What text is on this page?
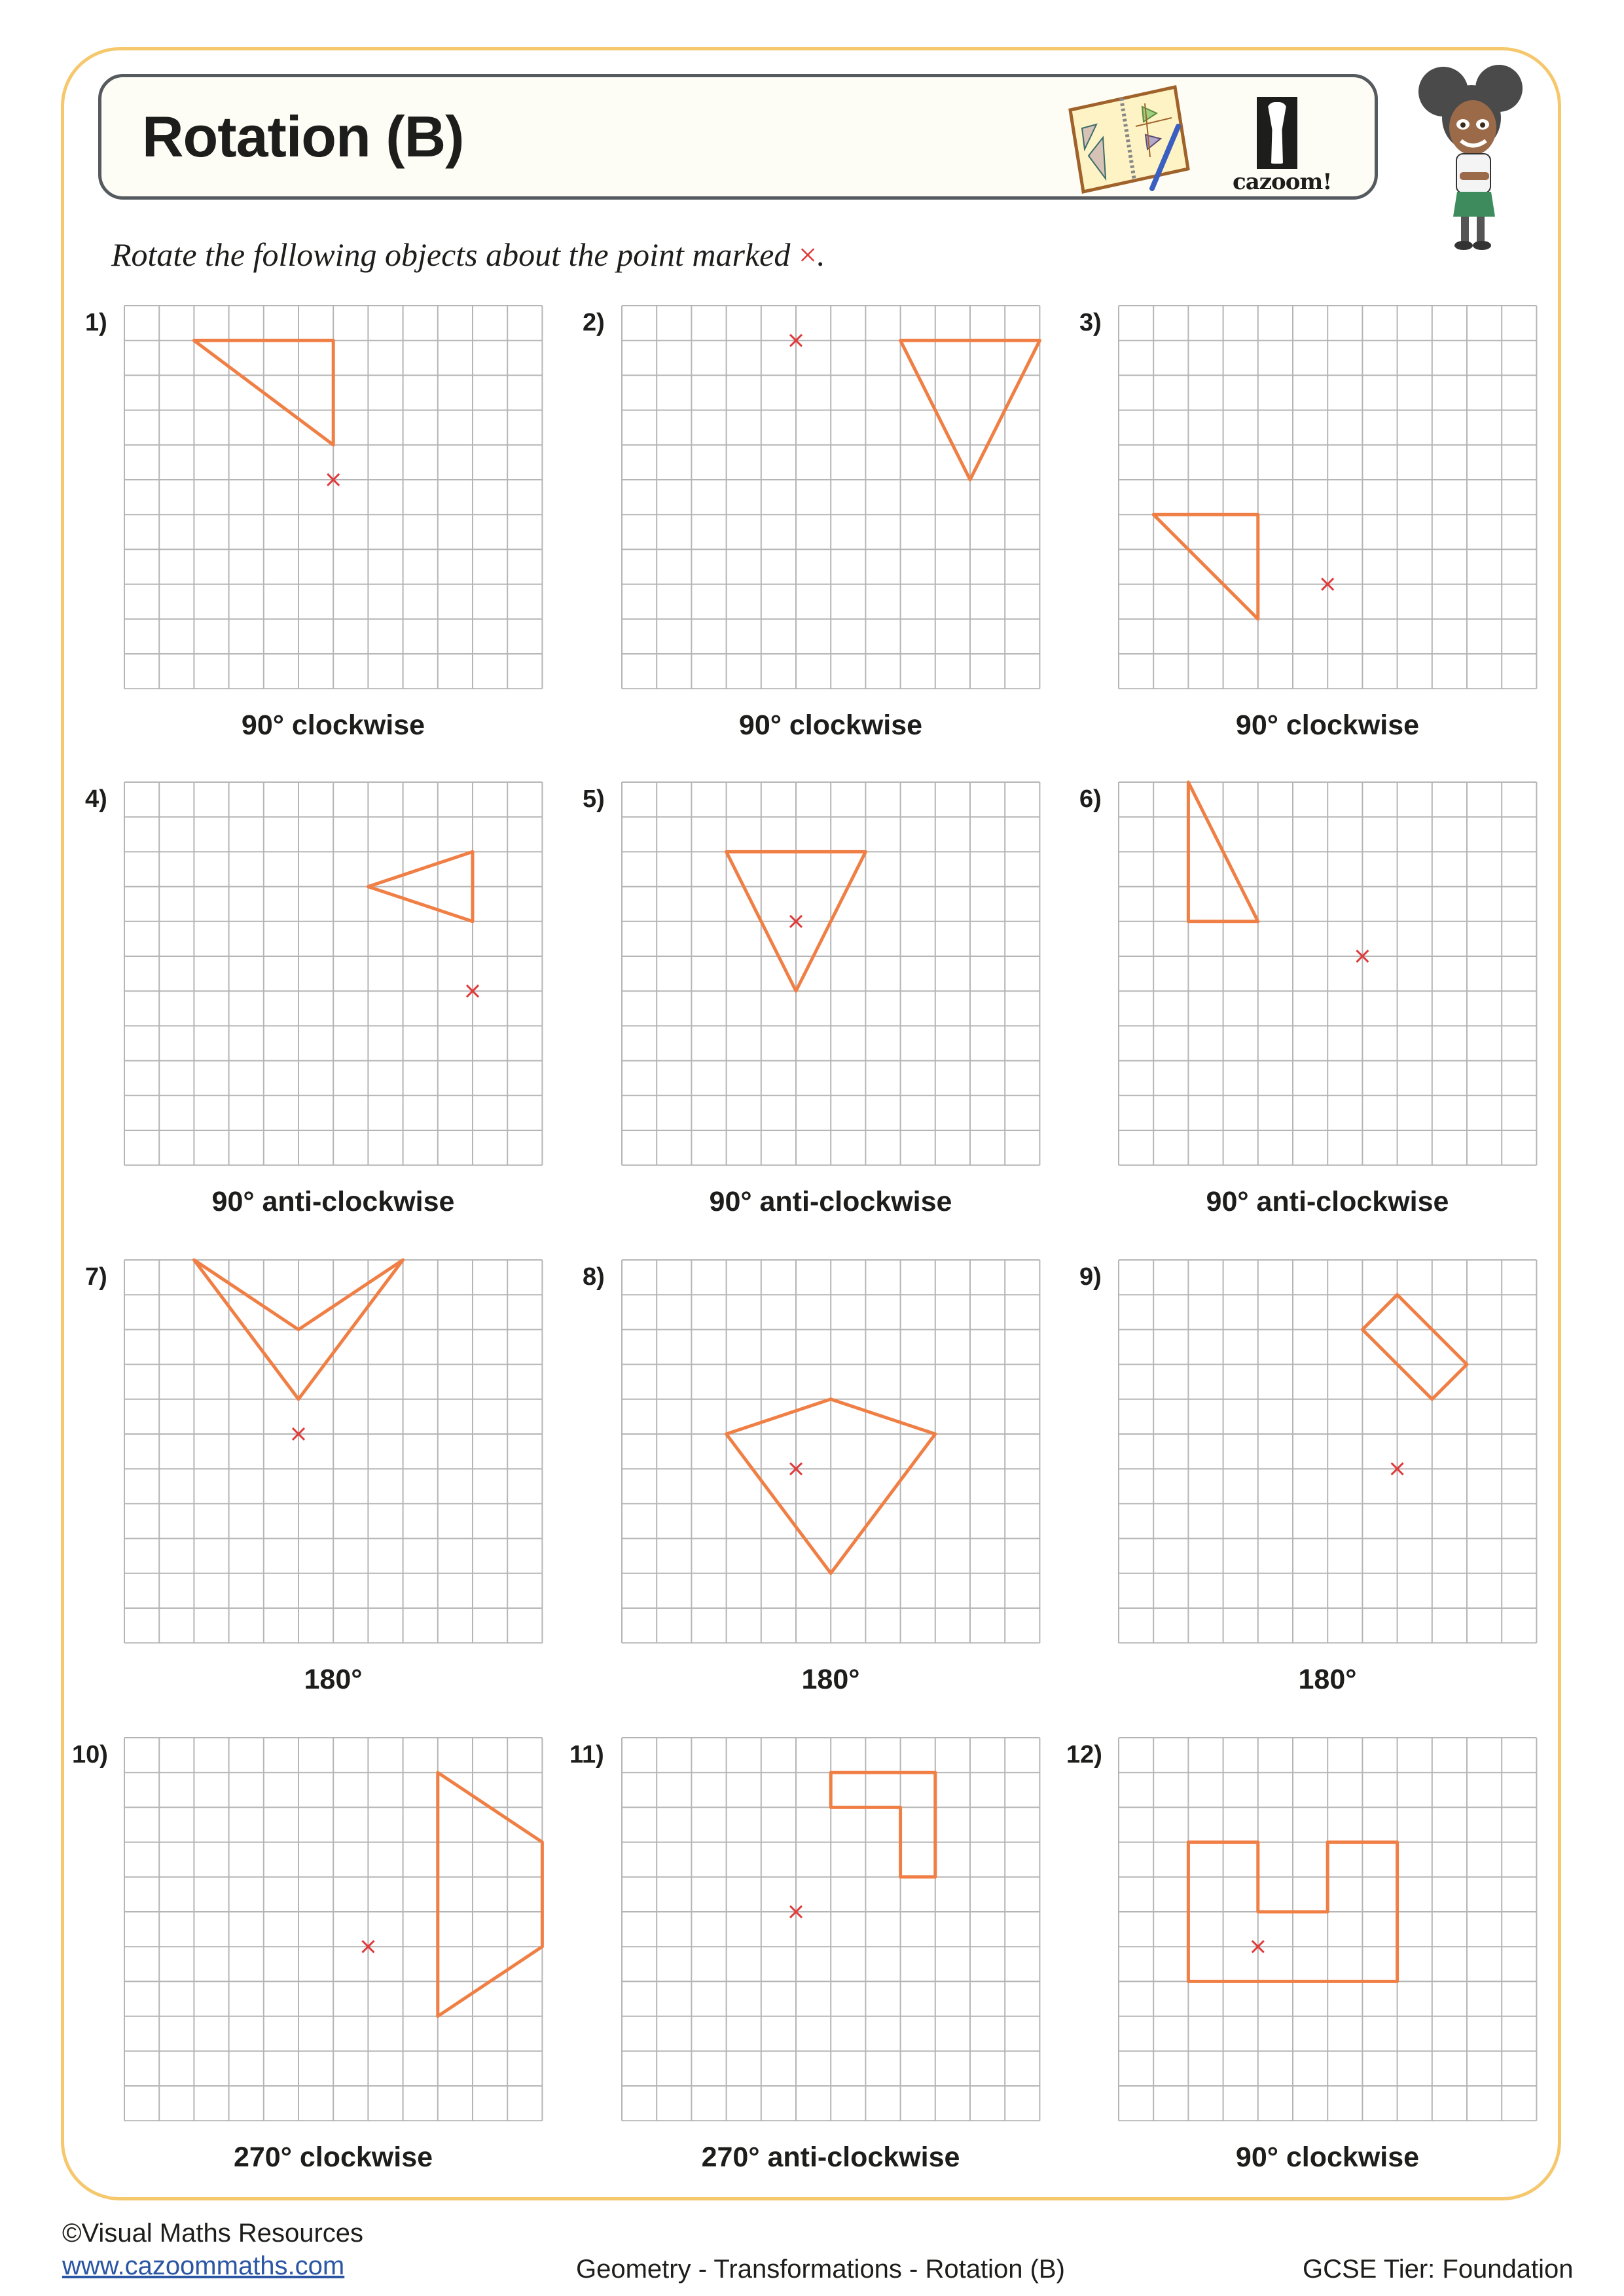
Rotation (B)
cazoom!
Rotate the following objects about the point marked ×.
1)
90° clockwise
2)
90° clockwise
3)
90° clockwise
4)
90° anti-clockwise
5)
90° anti-clockwise
6)
90° anti-clockwise
7)
180°
8)
180°
9)
180°
10)
270° clockwise
11)
270° anti-clockwise
12)
90° clockwise
©Visual Maths Resources
www.cazoommaths.com	Geometry - Transformations - Rotation (B)	GCSE Tier: Foundation
